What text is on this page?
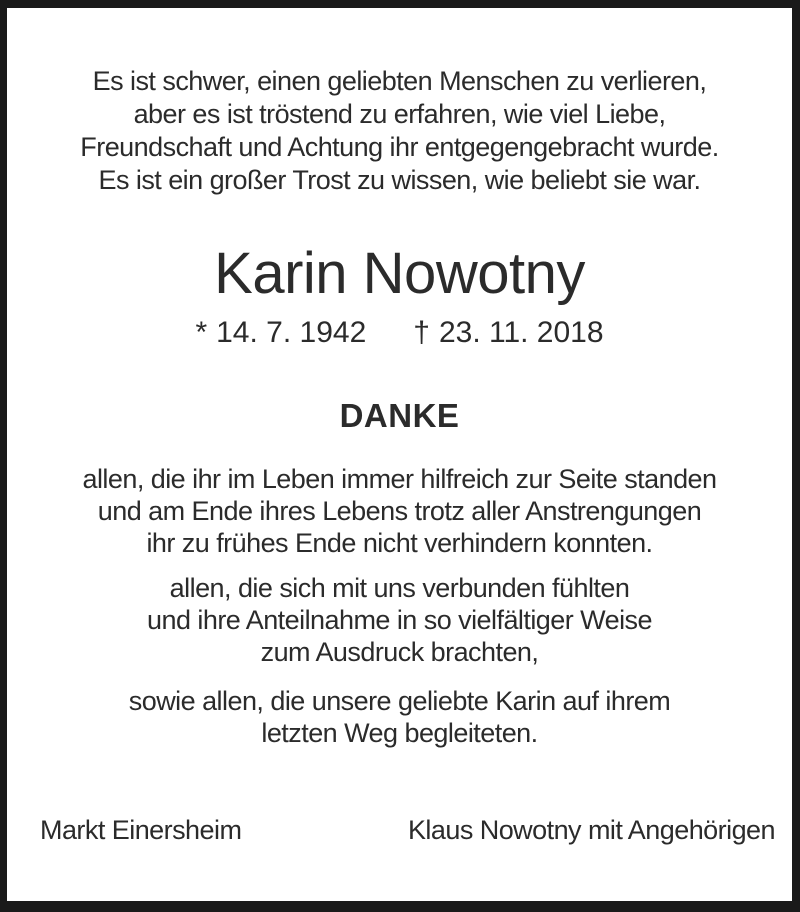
Es ist schwer, einen geliebten Menschen zu verlieren,
aber es ist tröstend zu erfahren, wie viel Liebe,
Freundschaft und Achtung ihr entgegengebracht wurde.
Es ist ein großer Trost zu wissen, wie beliebt sie war.
Karin Nowotny
* 14. 7. 1942 † 23. 11. 2018
DANKE
allen, die ihr im Leben immer hilfreich zur Seite standen
und am Ende ihres Lebens trotz aller Anstrengungen
ihr zu frühes Ende nicht verhindern konnten.
allen, die sich mit uns verbunden fühlten
und ihre Anteilnahme in so vielfältiger Weise
zum Ausdruck brachten,
sowie allen, die unsere geliebte Karin auf ihrem
letzten Weg begleiteten.
Markt Einersheim	Klaus Nowotny mit Angehörigen
